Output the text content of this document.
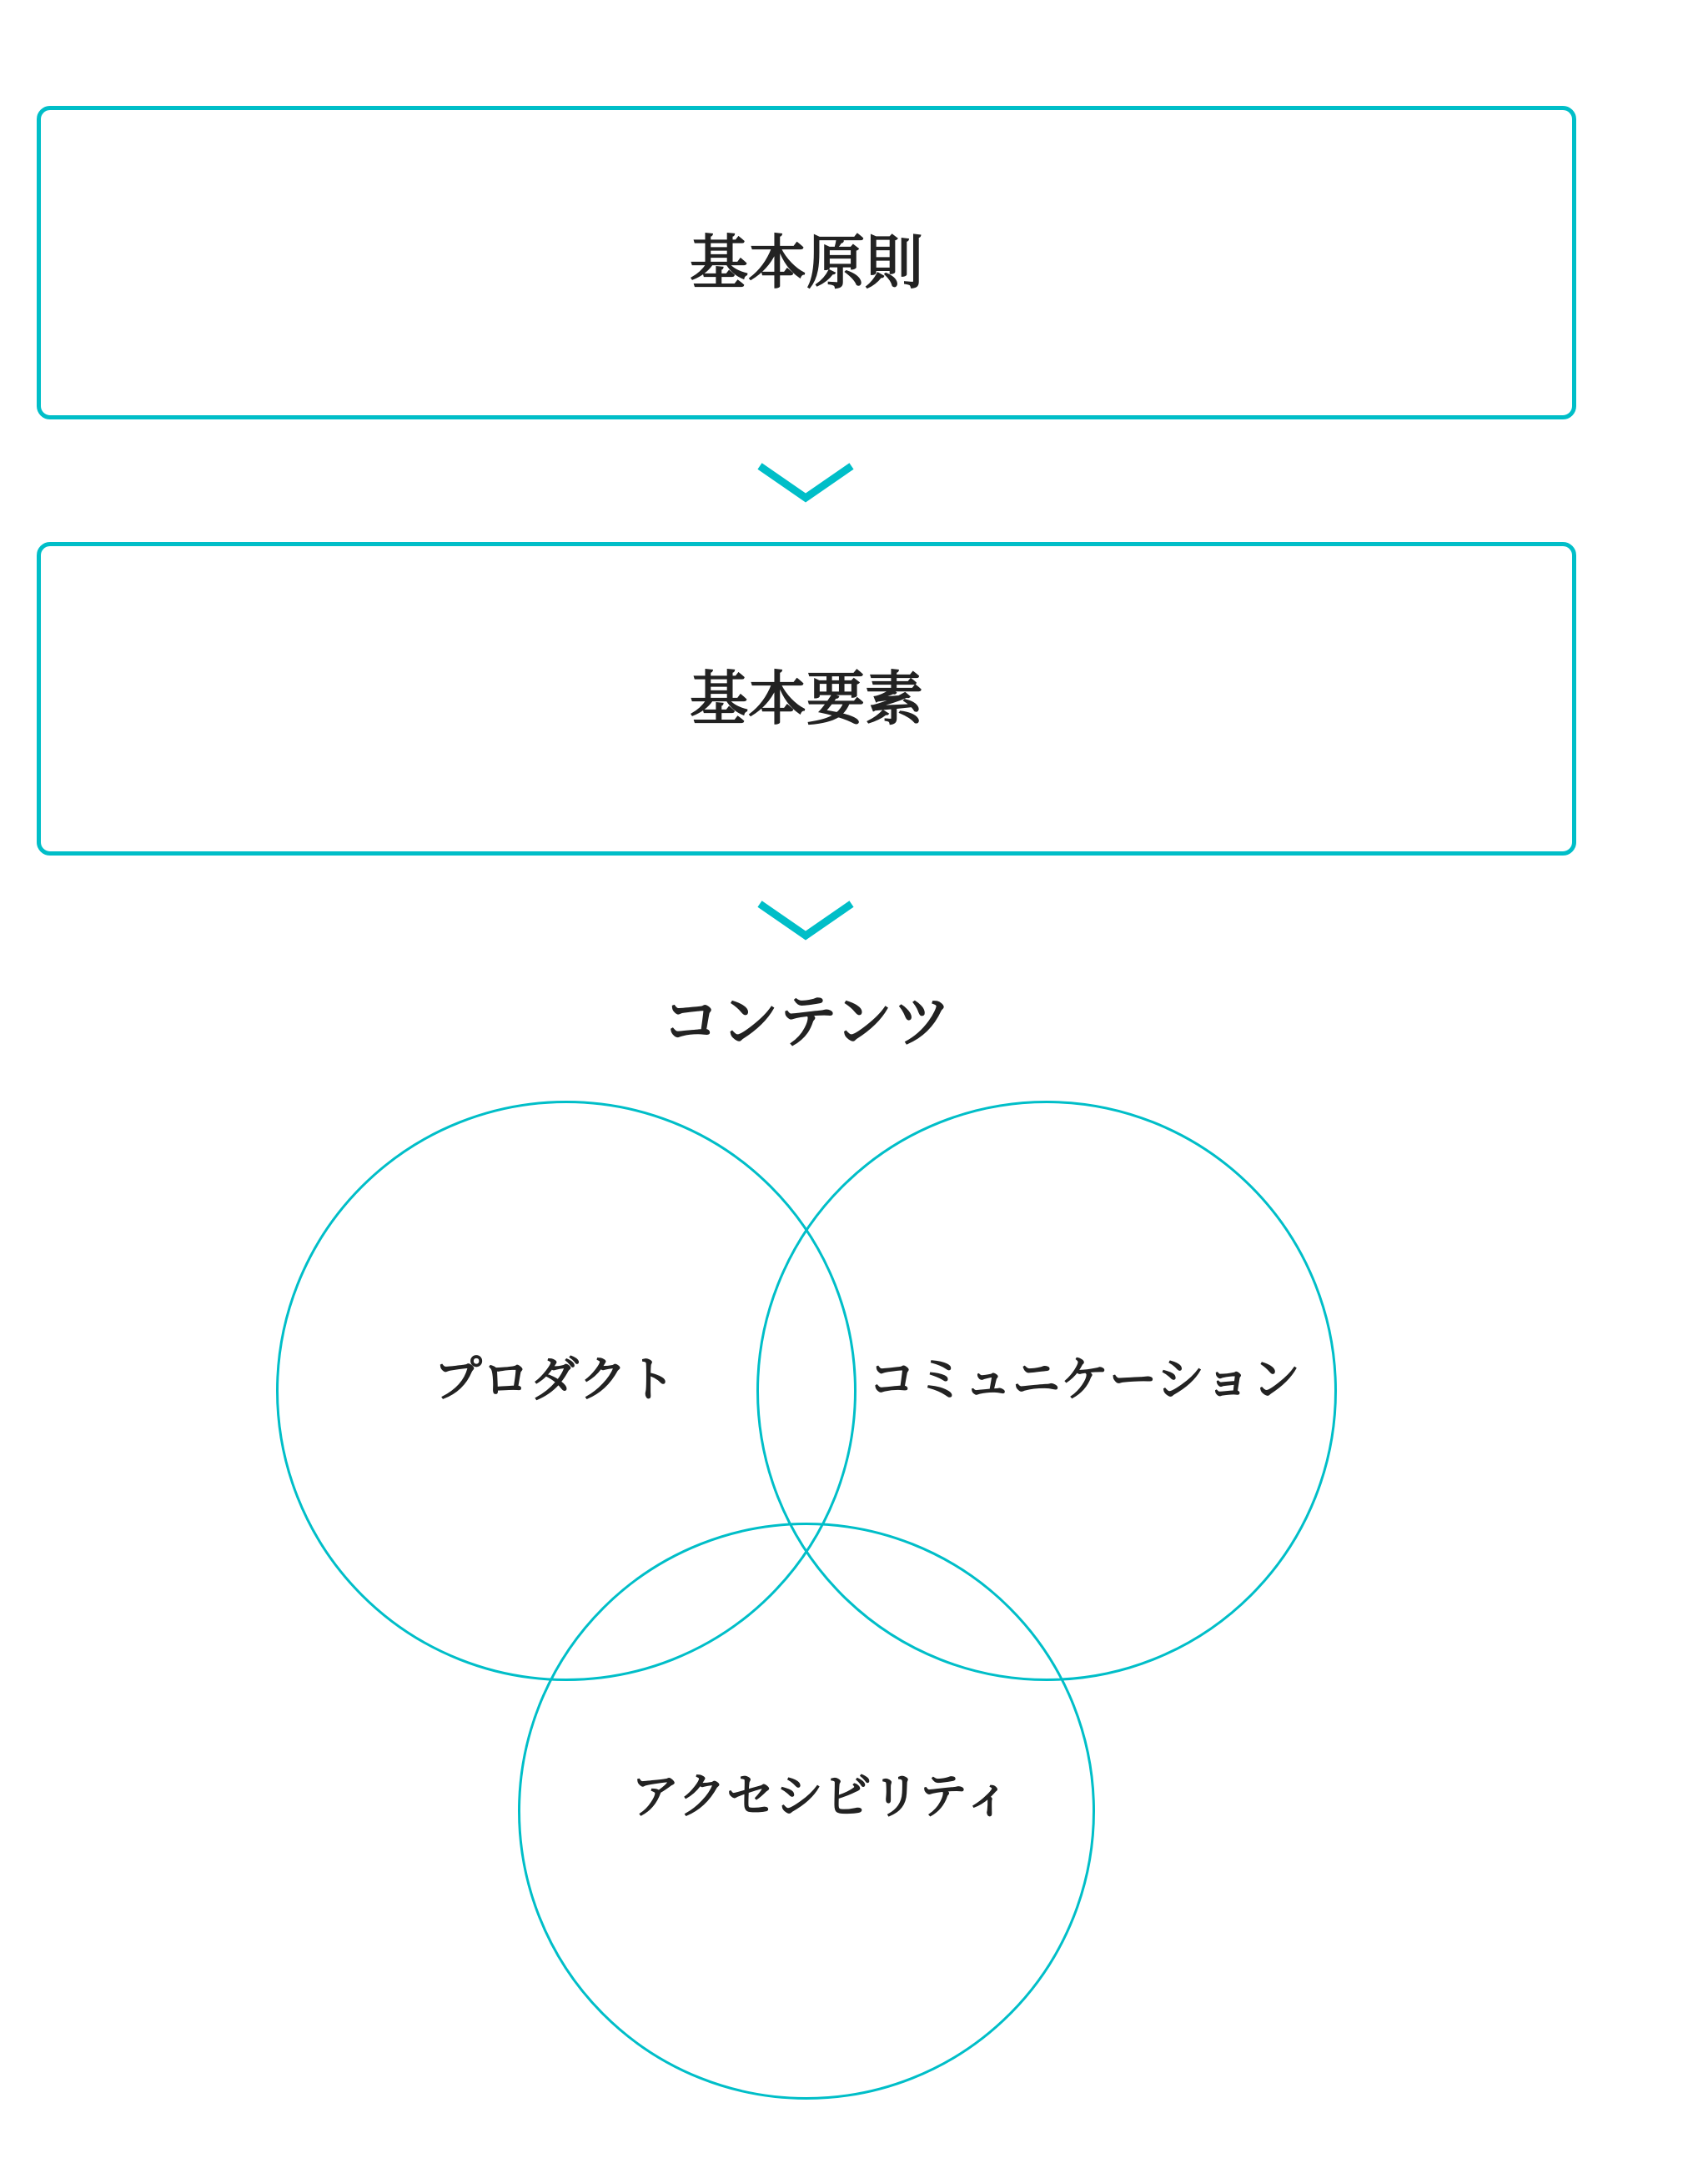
基本原則
基本要素
コンテンツ
プロダクト	コミュニケーション
アクセシビリティ
